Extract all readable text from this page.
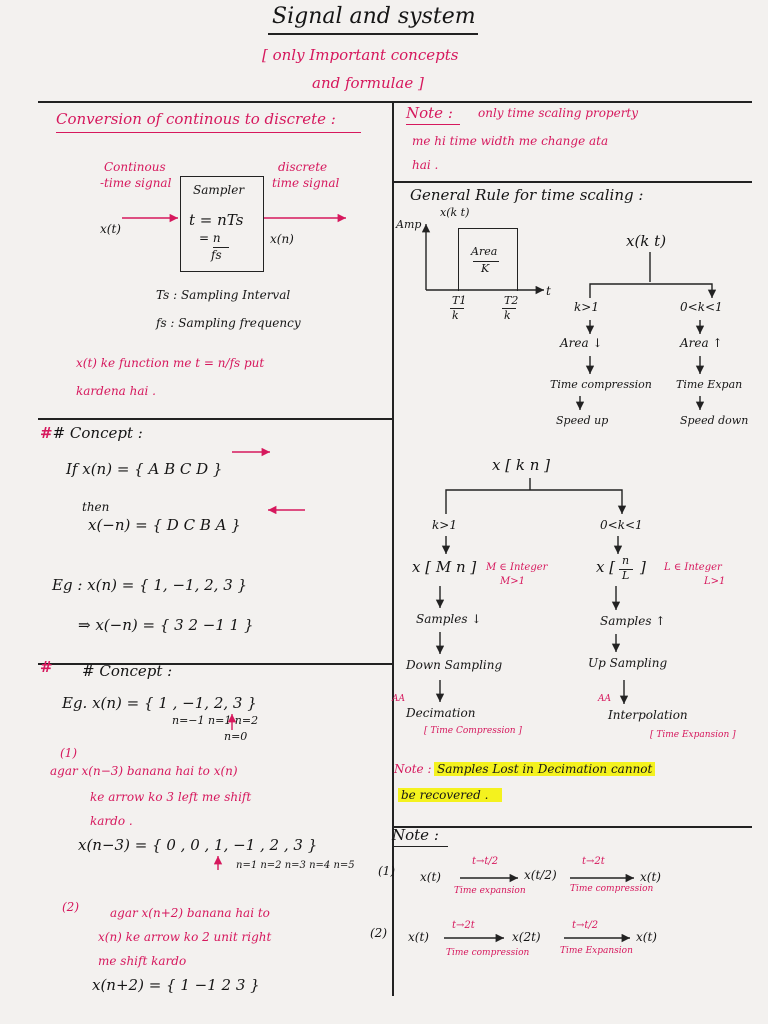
Signal and system
[ only Important concepts
and formulae ]
Conversion of continous to discrete :
Continous
-time signal
discrete
time signal
x(t)
x(n)
Sampler
t = nTs
= n
fs
Ts : Sampling Interval
fs : Sampling frequency
x(t) ke function me t = n/fs put
kardena hai .
## Concept :
If x(n) = { A B C D }
then
x(−n) = { D C B A }
Eg : x(n) = { 1, −1, 2, 3 }
⇒ x(−n) = { 3 2 −1 1 }
# # Concept :
Eg. x(n) = { 1 , −1, 2, 3 }
n=−1 n=1 n=2
n=0
(1)
agar x(n−3) banana hai to x(n)
ke arrow ko 3 left me shift
kardo .
x(n−3) = { 0 , 0 , 1, −1 , 2 , 3 }
n=1 n=2 n=3 n=4 n=5
(2)	agar x(n+2) banana hai to
x(n) ke arrow ko 2 unit right
me shift kardo
x(n+2) = { 1 −1 2 3 }
Note : only time scaling property
me hi time width me change ata
hai .
General Rule for time scaling :
Amp
x(k t)
Area
K
t
T1
k
T2
k
x(k t)
k>1	0<k<1
Area ↓	Area ↑
Time compression Time Expan
Speed up	Speed down
x [ k n ]
k>1	0<k<1
x [ M n ] M ∈ Integer
M>1
x [ n
L ] L ∈ Integer
L>1
Samples ↓	Samples ↑
Down Sampling	Up Sampling
AA	AA
Decimation	Interpolation
[ Time Compression ]	[ Time Expansion ]
Note : Samples Lost in Decimation cannot
be recovered .
Note :
(1) x(t)
t→t/2
x(t/2)
t→2t
x(t)
Time expansion	Time compression
(2) x(t)
t→2t
x(2t)
t→t/2
x(t)
Time compression	Time Expansion
